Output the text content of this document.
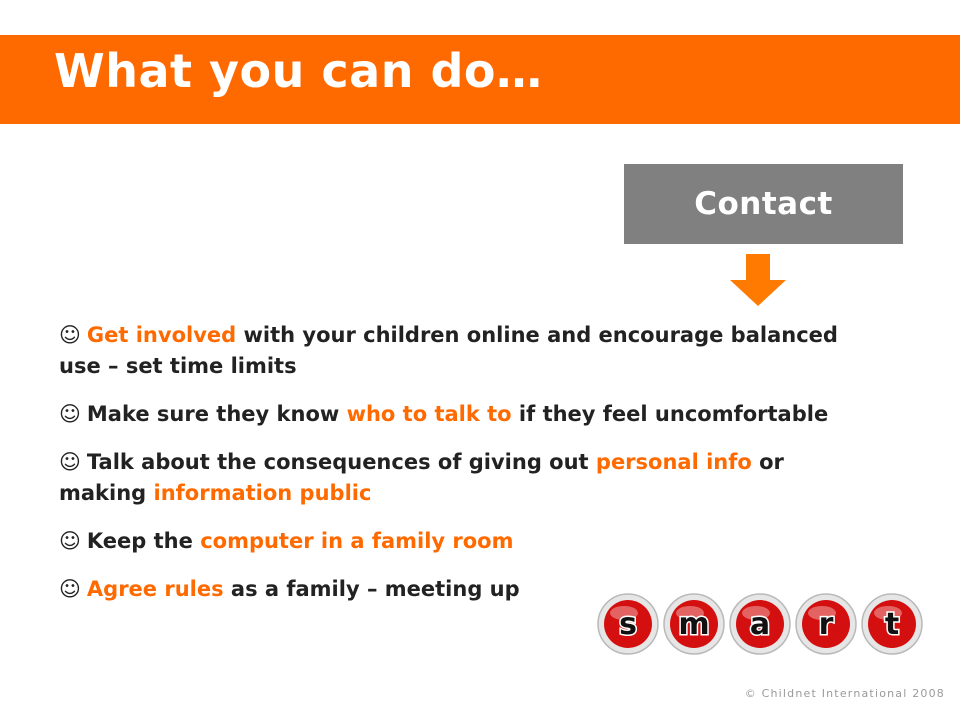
What you can do…
Contact
☺ Get involved with your children online and encourage balanced use – set time limits
☺ Make sure they know who to talk to if they feel uncomfortable
☺ Talk about the consequences of giving out personal info or making information public
☺ Keep the computer in a family room
☺ Agree rules as a family – meeting up
s m a r t
© Childnet International 2008
